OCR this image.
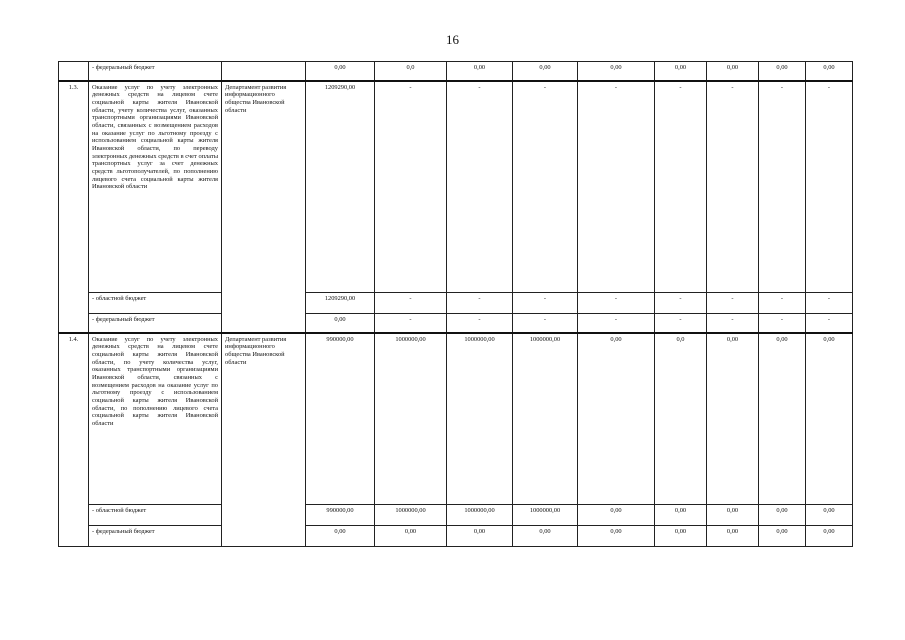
16
	- федеральный бюджет		0,00	0,0	0,00	0,00	0,00	0,00	0,00	0,00	0,00
1.3.	Оказание услуг по учету электронных денежных средств на лицевом счете социальной карты жителя Ивановской области, учету количества услуг, оказанных транспортными организациями Ивановской области, связанных с возмещением расходов на оказание услуг по льготному проезду с использованием социальной карты жителя Ивановской области, по переводу электронных денежных средств в счет оплаты транспортных услуг за счет денежных средств льготополучателей, по пополнению лицевого счета социальной карты жителя Ивановской области	Департамент развития информационного общества Ивановской области	1209290,00	-	-	-	-	-	-	-	-
	- областной бюджет		1209290,00	-	-	-	-	-	-	-	-
	- федеральный бюджет		0,00	-	-	-	-	-	-	-	-
1.4.	Оказание услуг по учету электронных денежных средств на лицевом счете социальной карты жителя Ивановской области, по учету количества услуг, оказанных транспортными организациями Ивановской области, связанных с возмещением расходов на оказание услуг по льготному проезду с использованием социальной карты жителя Ивановской области, по пополнению лицевого счета социальной карты жителя Ивановской области	Департамент развития информационного общества Ивановской области	990000,00	1000000,00	1000000,00	1000000,00	0,00	0,0	0,00	0,00	0,00
	- областной бюджет		990000,00	1000000,00	1000000,00	1000000,00	0,00	0,00	0,00	0,00	0,00
	- федеральный бюджет		0,00	0,00	0,00	0,00	0,00	0,00	0,00	0,00	0,00
